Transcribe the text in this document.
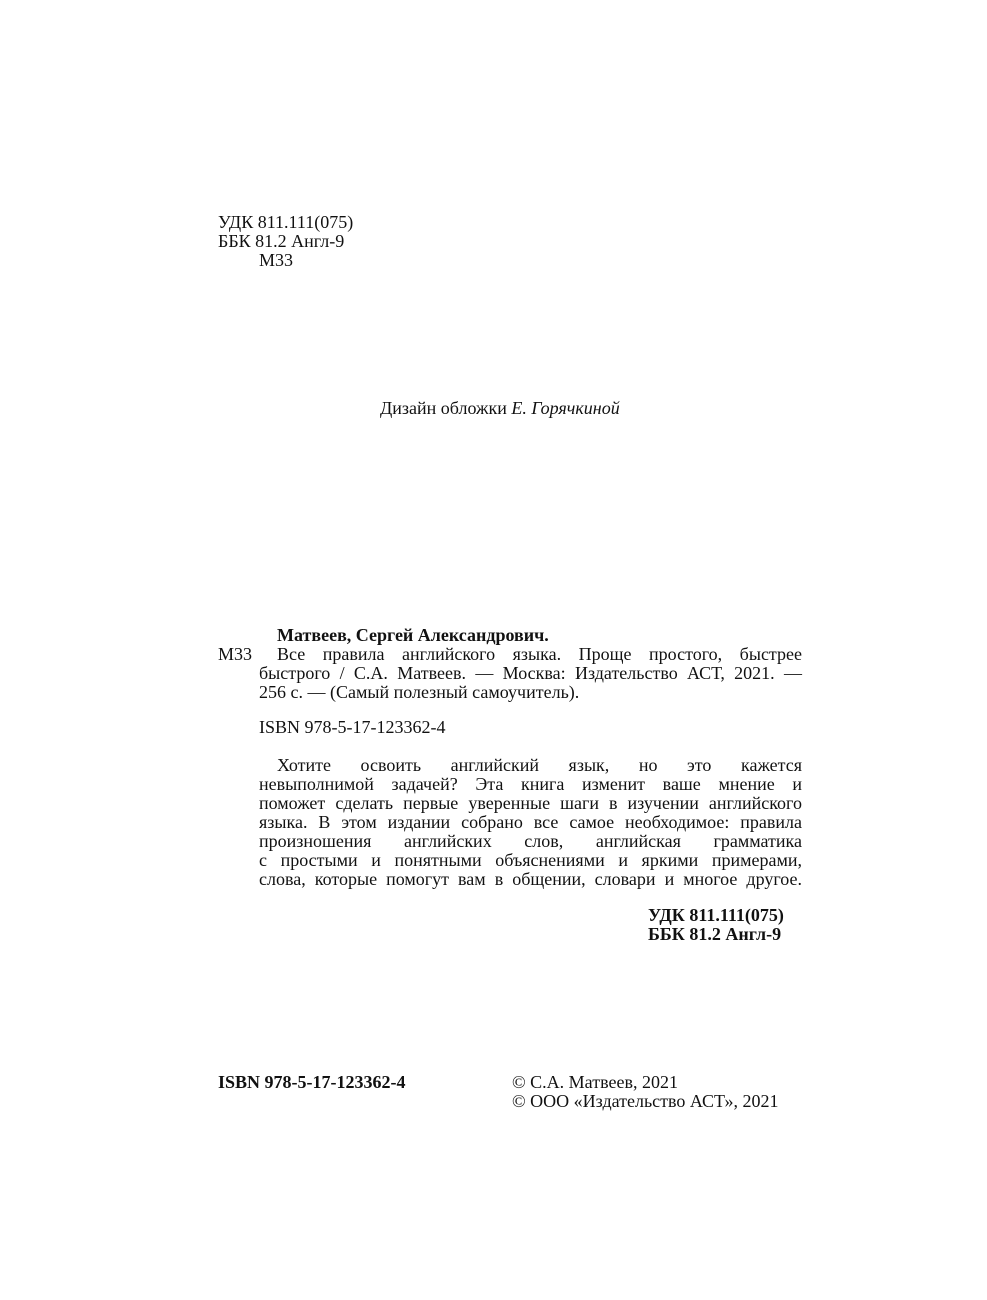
УДК 811.111(075)
ББК 81.2 Англ-9
М33
Дизайн обложки Е. Горячкиной
Матвеев, Сергей Александрович.
М33	Все правила английского языка. Проще простого, быстрее
быстрого / С.А. Матвеев. — Москва: Издательство АСТ, 2021. —
256 с. — (Самый полезный самоучитель).
ISBN 978-5-17-123362-4
Хотите освоить английский язык, но это кажется
невыполнимой задачей? Эта книга изменит ваше мнение и
поможет сделать первые уверенные шаги в изучении английского
языка. В этом издании собрано все самое необходимое: правила
произношения английских слов, английская грамматика
с простыми и понятными объяснениями и яркими примерами,
слова, которые помогут вам в общении, словари и многое другое.
УДК 811.111(075)
ББК 81.2 Англ-9
ISBN 978-5-17-123362-4	© С.А. Матвеев, 2021
© ООО «Издательство АСТ», 2021
